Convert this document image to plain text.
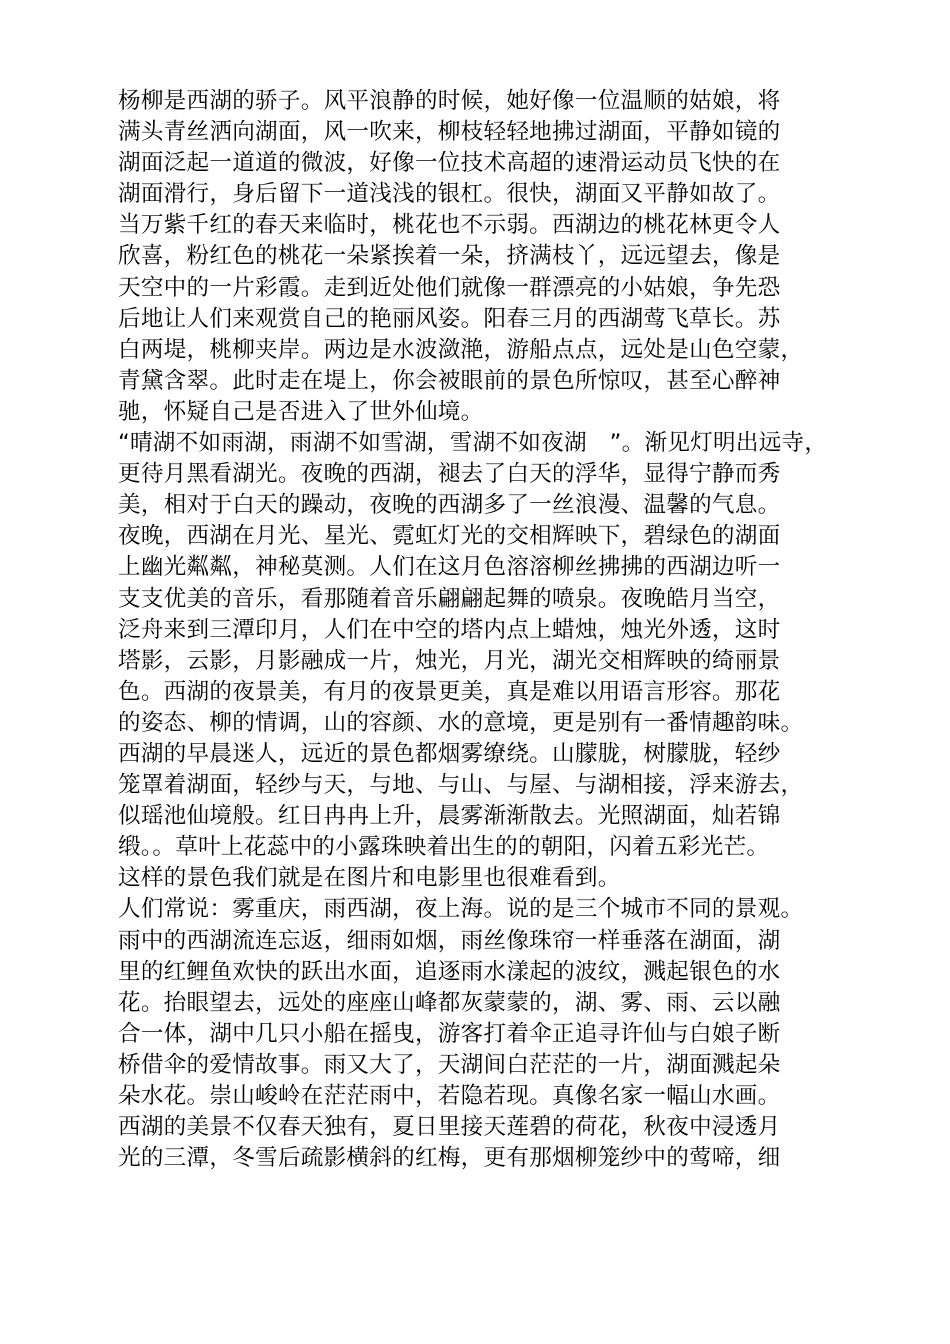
杨柳是西湖的骄子。风平浪静的时候，她好像一位温顺的姑娘，将
满头青丝洒向湖面，风一吹来，柳枝轻轻地拂过湖面，平静如镜的
湖面泛起一道道的微波，好像一位技术高超的速滑运动员飞快的在
湖面滑行，身后留下一道浅浅的银杠。很快，湖面又平静如故了。
当万紫千红的春天来临时，桃花也不示弱。西湖边的桃花林更令人
欣喜，粉红色的桃花一朵紧挨着一朵，挤满枝丫，远远望去，像是
天空中的一片彩霞。走到近处他们就像一群漂亮的小姑娘，争先恐
后地让人们来观赏自己的艳丽风姿。阳春三月的西湖莺飞草长。苏
白两堤，桃柳夹岸。两边是水波潋滟，游船点点，远处是山色空蒙，
青黛含翠。此时走在堤上，你会被眼前的景色所惊叹，甚至心醉神
驰，怀疑自己是否进入了世外仙境。
“晴湖不如雨湖，雨湖不如雪湖，雪湖不如夜湖　”。渐见灯明出远寺，
更待月黑看湖光。夜晚的西湖，褪去了白天的浮华，显得宁静而秀
美，相对于白天的躁动，夜晚的西湖多了一丝浪漫、温馨的气息。
夜晚，西湖在月光、星光、霓虹灯光的交相辉映下，碧绿色的湖面
上幽光粼粼，神秘莫测。人们在这月色溶溶柳丝拂拂的西湖边听一
支支优美的音乐，看那随着音乐翩翩起舞的喷泉。夜晚皓月当空，
泛舟来到三潭印月，人们在中空的塔内点上蜡烛，烛光外透，这时
塔影，云影，月影融成一片，烛光，月光，湖光交相辉映的绮丽景
色。西湖的夜景美，有月的夜景更美，真是难以用语言形容。那花
的姿态、柳的情调，山的容颜、水的意境，更是别有一番情趣韵味。
西湖的早晨迷人，远近的景色都烟雾缭绕。山朦胧，树朦胧，轻纱
笼罩着湖面，轻纱与天，与地、与山、与屋、与湖相接，浮来游去，
似瑶池仙境般。红日冉冉上升，晨雾渐渐散去。光照湖面，灿若锦
缎。。草叶上花蕊中的小露珠映着出生的的朝阳，闪着五彩光芒。
这样的景色我们就是在图片和电影里也很难看到。
人们常说：雾重庆，雨西湖，夜上海。说的是三个城市不同的景观。
雨中的西湖流连忘返，细雨如烟，雨丝像珠帘一样垂落在湖面，湖
里的红鲤鱼欢快的跃出水面，追逐雨水漾起的波纹，溅起银色的水
花。抬眼望去，远处的座座山峰都灰蒙蒙的，湖、雾、雨、云以融
合一体，湖中几只小船在摇曳，游客打着伞正追寻许仙与白娘子断
桥借伞的爱情故事。雨又大了，天湖间白茫茫的一片，湖面溅起朵
朵水花。崇山峻岭在茫茫雨中，若隐若现。真像名家一幅山水画。
西湖的美景不仅春天独有，夏日里接天莲碧的荷花，秋夜中浸透月
光的三潭，冬雪后疏影横斜的红梅，更有那烟柳笼纱中的莺啼，细
